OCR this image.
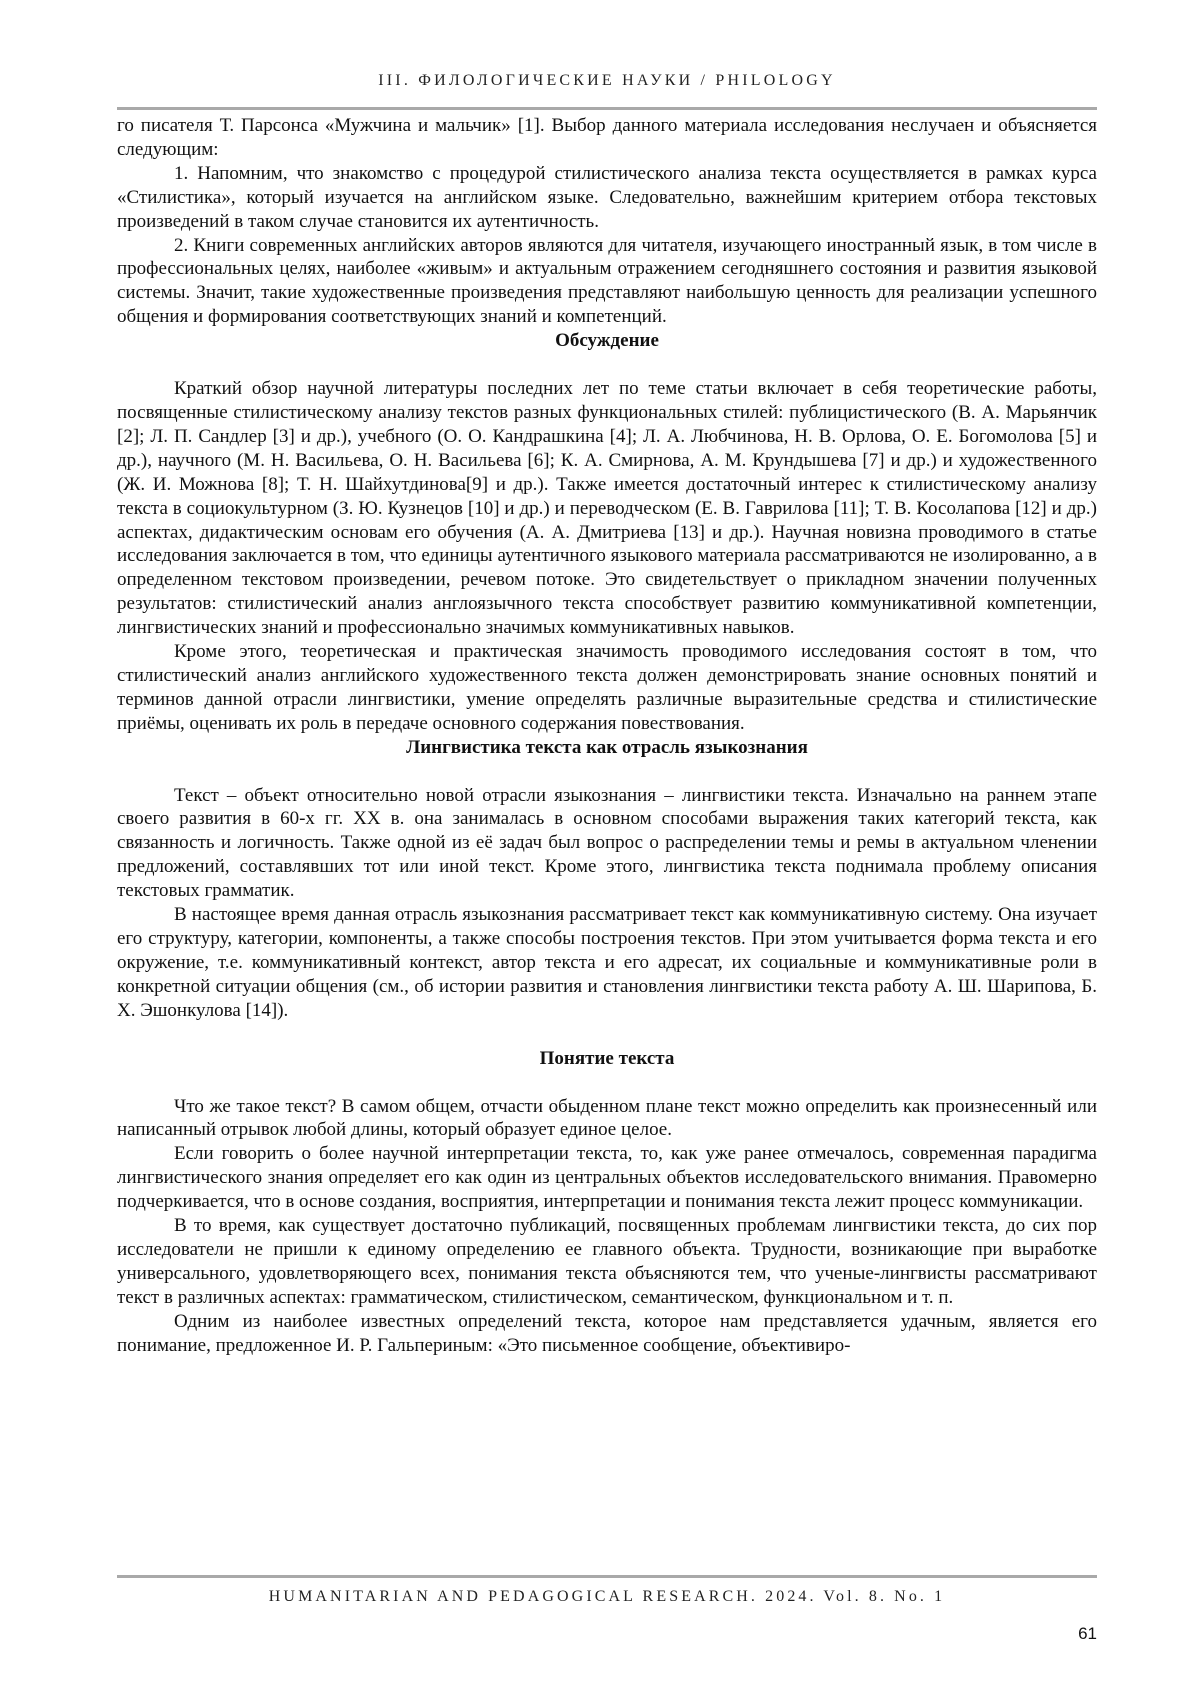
III. ФИЛОЛОГИЧЕСКИЕ НАУКИ / PHILOLOGY

го писателя Т. Парсонса «Мужчина и мальчик» [1]. Выбор данного материала исследования неслучаен и объясняется следующим:

1. Напомним, что знакомство с процедурой стилистического анализа текста осуществляется в рамках курса «Стилистика», который изучается на английском языке. Следовательно, важнейшим критерием отбора текстовых произведений в таком случае становится их аутентичность.

2. Книги современных английских авторов являются для читателя, изучающего иностранный язык, в том числе в профессиональных целях, наиболее «живым» и актуальным отражением сегодняшнего состояния и развития языковой системы. Значит, такие художественные произведения представляют наибольшую ценность для реализации успешного общения и формирования соответствующих знаний и компетенций.

Обсуждение

Краткий обзор научной литературы последних лет по теме статьи включает в себя теоретические работы, посвященные стилистическому анализу текстов разных функциональных стилей: публицистического (В. А. Марьянчик [2]; Л. П. Сандлер [3] и др.), учебного (О. О. Кандрашкина [4]; Л. А. Любчинова, Н. В. Орлова, О. Е. Богомолова [5] и др.), научного (М. Н. Васильева, О. Н. Васильева [6]; К. А. Смирнова, А. М. Крундышева [7] и др.) и художественного (Ж. И. Можнова [8]; Т. Н. Шайхутдинова[9] и др.). Также имеется достаточный интерес к стилистическому анализу текста в социокультурном (З. Ю. Кузнецов [10] и др.) и переводческом (Е. В. Гаврилова [11]; Т. В. Косолапова [12] и др.) аспектах, дидактическим основам его обучения (А. А. Дмитриева [13] и др.). Научная новизна проводимого в статье исследования заключается в том, что единицы аутентичного языкового материала рассматриваются не изолированно, а в определенном текстовом произведении, речевом потоке. Это свидетельствует о прикладном значении полученных результатов: стилистический анализ англоязычного текста способствует развитию коммуникативной компетенции, лингвистических знаний и профессионально значимых коммуникативных навыков.

Кроме этого, теоретическая и практическая значимость проводимого исследования состоят в том, что стилистический анализ английского художественного текста должен демонстрировать знание основных понятий и терминов данной отрасли лингвистики, умение определять различные выразительные средства и стилистические приёмы, оценивать их роль в передаче основного содержания повествования.

Лингвистика текста как отрасль языкознания

Текст – объект относительно новой отрасли языкознания – лингвистики текста. Изначально на раннем этапе своего развития в 60-х гг. XX в. она занималась в основном способами выражения таких категорий текста, как связанность и логичность. Также одной из её задач был вопрос о распределении темы и ремы в актуальном членении предложений, составлявших тот или иной текст. Кроме этого, лингвистика текста поднимала проблему описания текстовых грамматик.

В настоящее время данная отрасль языкознания рассматривает текст как коммуникативную систему. Она изучает его структуру, категории, компоненты, а также способы построения текстов. При этом учитывается форма текста и его окружение, т.е. коммуникативный контекст, автор текста и его адресат, их социальные и коммуникативные роли в конкретной ситуации общения (см., об истории развития и становления лингвистики текста работу А. Ш. Шарипова, Б. Х. Эшонкулова [14]).

Понятие текста

Что же такое текст? В самом общем, отчасти обыденном плане текст можно определить как произнесенный или написанный отрывок любой длины, который образует единое целое.

Если говорить о более научной интерпретации текста, то, как уже ранее отмечалось, современная парадигма лингвистического знания определяет его как один из центральных объектов исследовательского внимания. Правомерно подчеркивается, что в основе создания, восприятия, интерпретации и понимания текста лежит процесс коммуникации.

В то время, как существует достаточно публикаций, посвященных проблемам лингвистики текста, до сих пор исследователи не пришли к единому определению ее главного объекта. Трудности, возникающие при выработке универсального, удовлетворяющего всех, понимания текста объясняются тем, что ученые-лингвисты рассматривают текст в различных аспектах: грамматическом, стилистическом, семантическом, функциональном и т. п.

Одним из наиболее известных определений текста, которое нам представляется удачным, является его понимание, предложенное И. Р. Гальпериным: «Это письменное сообщение, объективиро-

HUMANITARIAN AND PEDAGOGICAL RESEARCH. 2024. Vol. 8. No. 1
61
